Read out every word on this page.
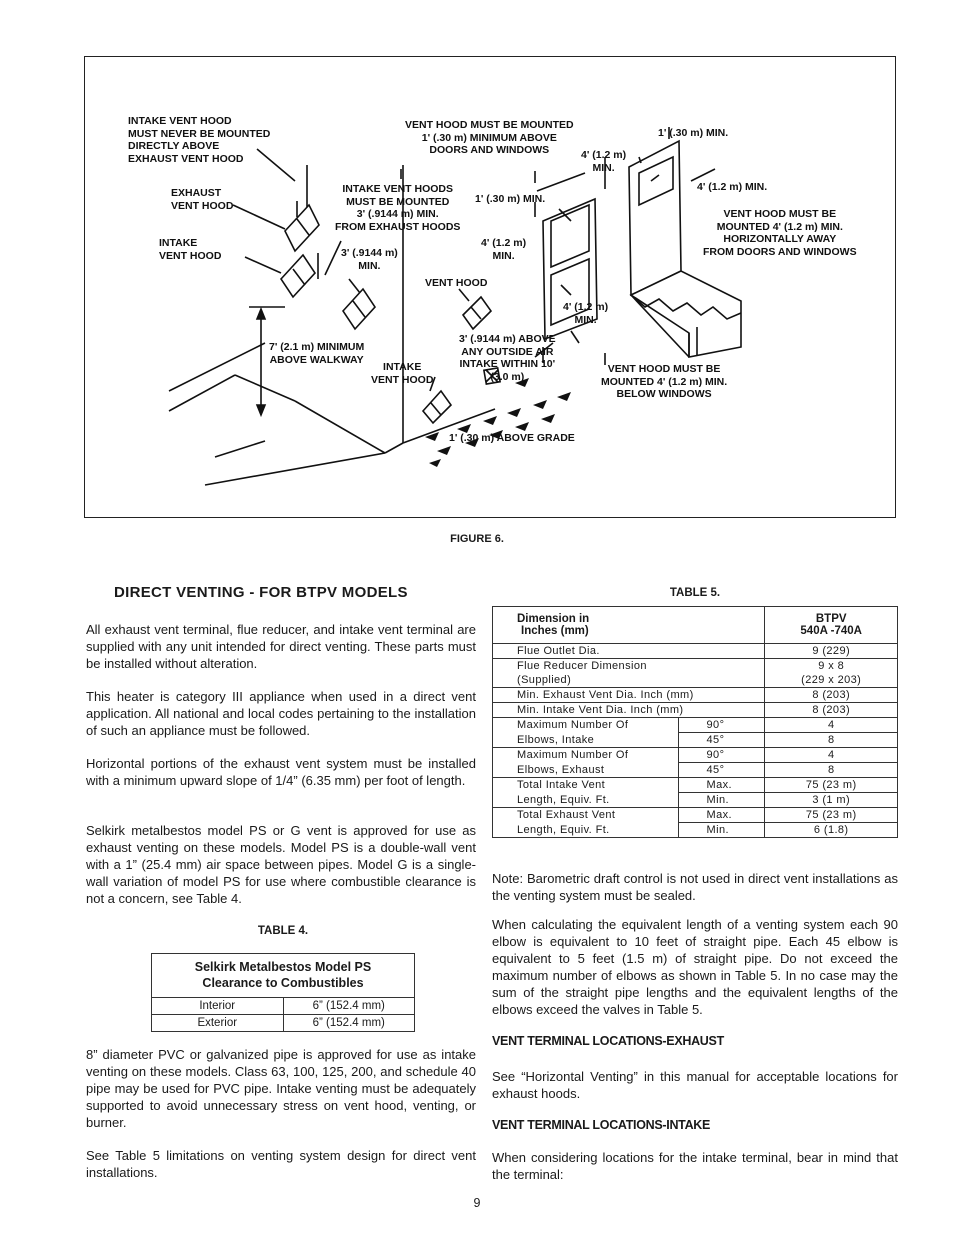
INTAKE VENT HOOD
MUST NEVER BE MOUNTED
DIRECTLY ABOVE
EXHAUST VENT HOOD
EXHAUST
VENT HOOD
INTAKE
VENT HOOD
INTAKE VENT HOODS
MUST BE MOUNTED
3' (.9144 m) MIN.
FROM EXHAUST HOODS
3' (.9144 m)
MIN.
VENT HOOD MUST BE MOUNTED
1' (.30 m) MINIMUM ABOVE
DOORS AND WINDOWS	4' (1.2 m)
MIN.
1' (.30 m) MIN.
1' (.30 m) MIN.
4' (1.2 m) MIN.
VENT HOOD MUST BE
MOUNTED 4' (1.2 m) MIN.
HORIZONTALLY AWAY
FROM DOORS AND WINDOWS
4' (1.2 m)
MIN.
VENT HOOD
4' (1.2 m)
MIN.
7' (2.1 m) MINIMUM
ABOVE WALKWAY
3' (.9144 m) ABOVE
ANY OUTSIDE AIR
INTAKE WITHIN 10'
(3.0 m)
INTAKE
VENT HOOD
VENT HOOD MUST BE
MOUNTED 4' (1.2 m) MIN.
BELOW WINDOWS
1' (.30 m) ABOVE GRADE
FIGURE 6.
DIRECT VENTING - FOR BTPV MODELS

All exhaust vent terminal, flue reducer, and intake vent terminal are supplied with any unit intended for direct venting. These parts must be installed without alteration.

This heater is category III appliance when used in a direct vent application. All national and local codes pertaining to the installation of such an appliance must be followed.

Horizontal portions of the exhaust vent system must be installed with a minimum upward slope of 1/4” (6.35 mm) per foot of length.

Selkirk metalbestos model PS or G vent is approved for use as exhaust venting on these models. Model PS is a double-wall vent with a 1” (25.4 mm) air space between pipes. Model G is a single-wall variation of model PS for use where combustible clearance is not a concern, see Table 4.

TABLE 4.
Selkirk Metalbestos Model PS
Clearance to Combustibles	
Interior	6” (152.4 mm)
Exterior	6” (152.4 mm)

8” diameter PVC or galvanized pipe is approved for use as intake venting on these models. Class 63, 100, 125, 200, and schedule 40 pipe may be used for PVC pipe. Intake venting must be adequately supported to avoid unnecessary stress on vent hood, venting, or burner.

See Table 5 limitations on venting system design for direct vent installations.

TABLE 5.
Dimension in
Inches (mm)		BTPV
540A -740A
Flue Outlet Dia.		9 (229)
Flue Reducer Dimension		9 x 8
(Supplied)		(229 x 203)
Min. Exhaust Vent Dia. Inch (mm)		8 (203)
Min. Intake Vent Dia. Inch (mm)		8 (203)
Maximum Number Of	90°	4
Elbows, Intake	45°	8
Maximum Number Of	90°	4
Elbows, Exhaust	45°	8
Total Intake Vent	Max.	75 (23 m)
Length, Equiv. Ft.	Min.	3 (1 m)
Total Exhaust Vent	Max.	75 (23 m)
Length, Equiv. Ft.	Min.	6 (1.8)

Note: Barometric draft control is not used in direct vent installations as the venting system must be sealed.

When calculating the equivalent length of a venting system each 90 elbow is equivalent to 10 feet of straight pipe. Each 45 elbow is equivalent to 5 feet (1.5 m) of straight pipe. Do not exceed the maximum number of elbows as shown in Table 5. In no case may the sum of the straight pipe lengths and the equivalent lengths of the elbows exceed the valves in Table 5.

VENT TERMINAL LOCATIONS-EXHAUST

See “Horizontal Venting” in this manual for acceptable locations for exhaust hoods.

VENT TERMINAL LOCATIONS-INTAKE

When considering locations for the intake terminal, bear in mind that the terminal:

9
